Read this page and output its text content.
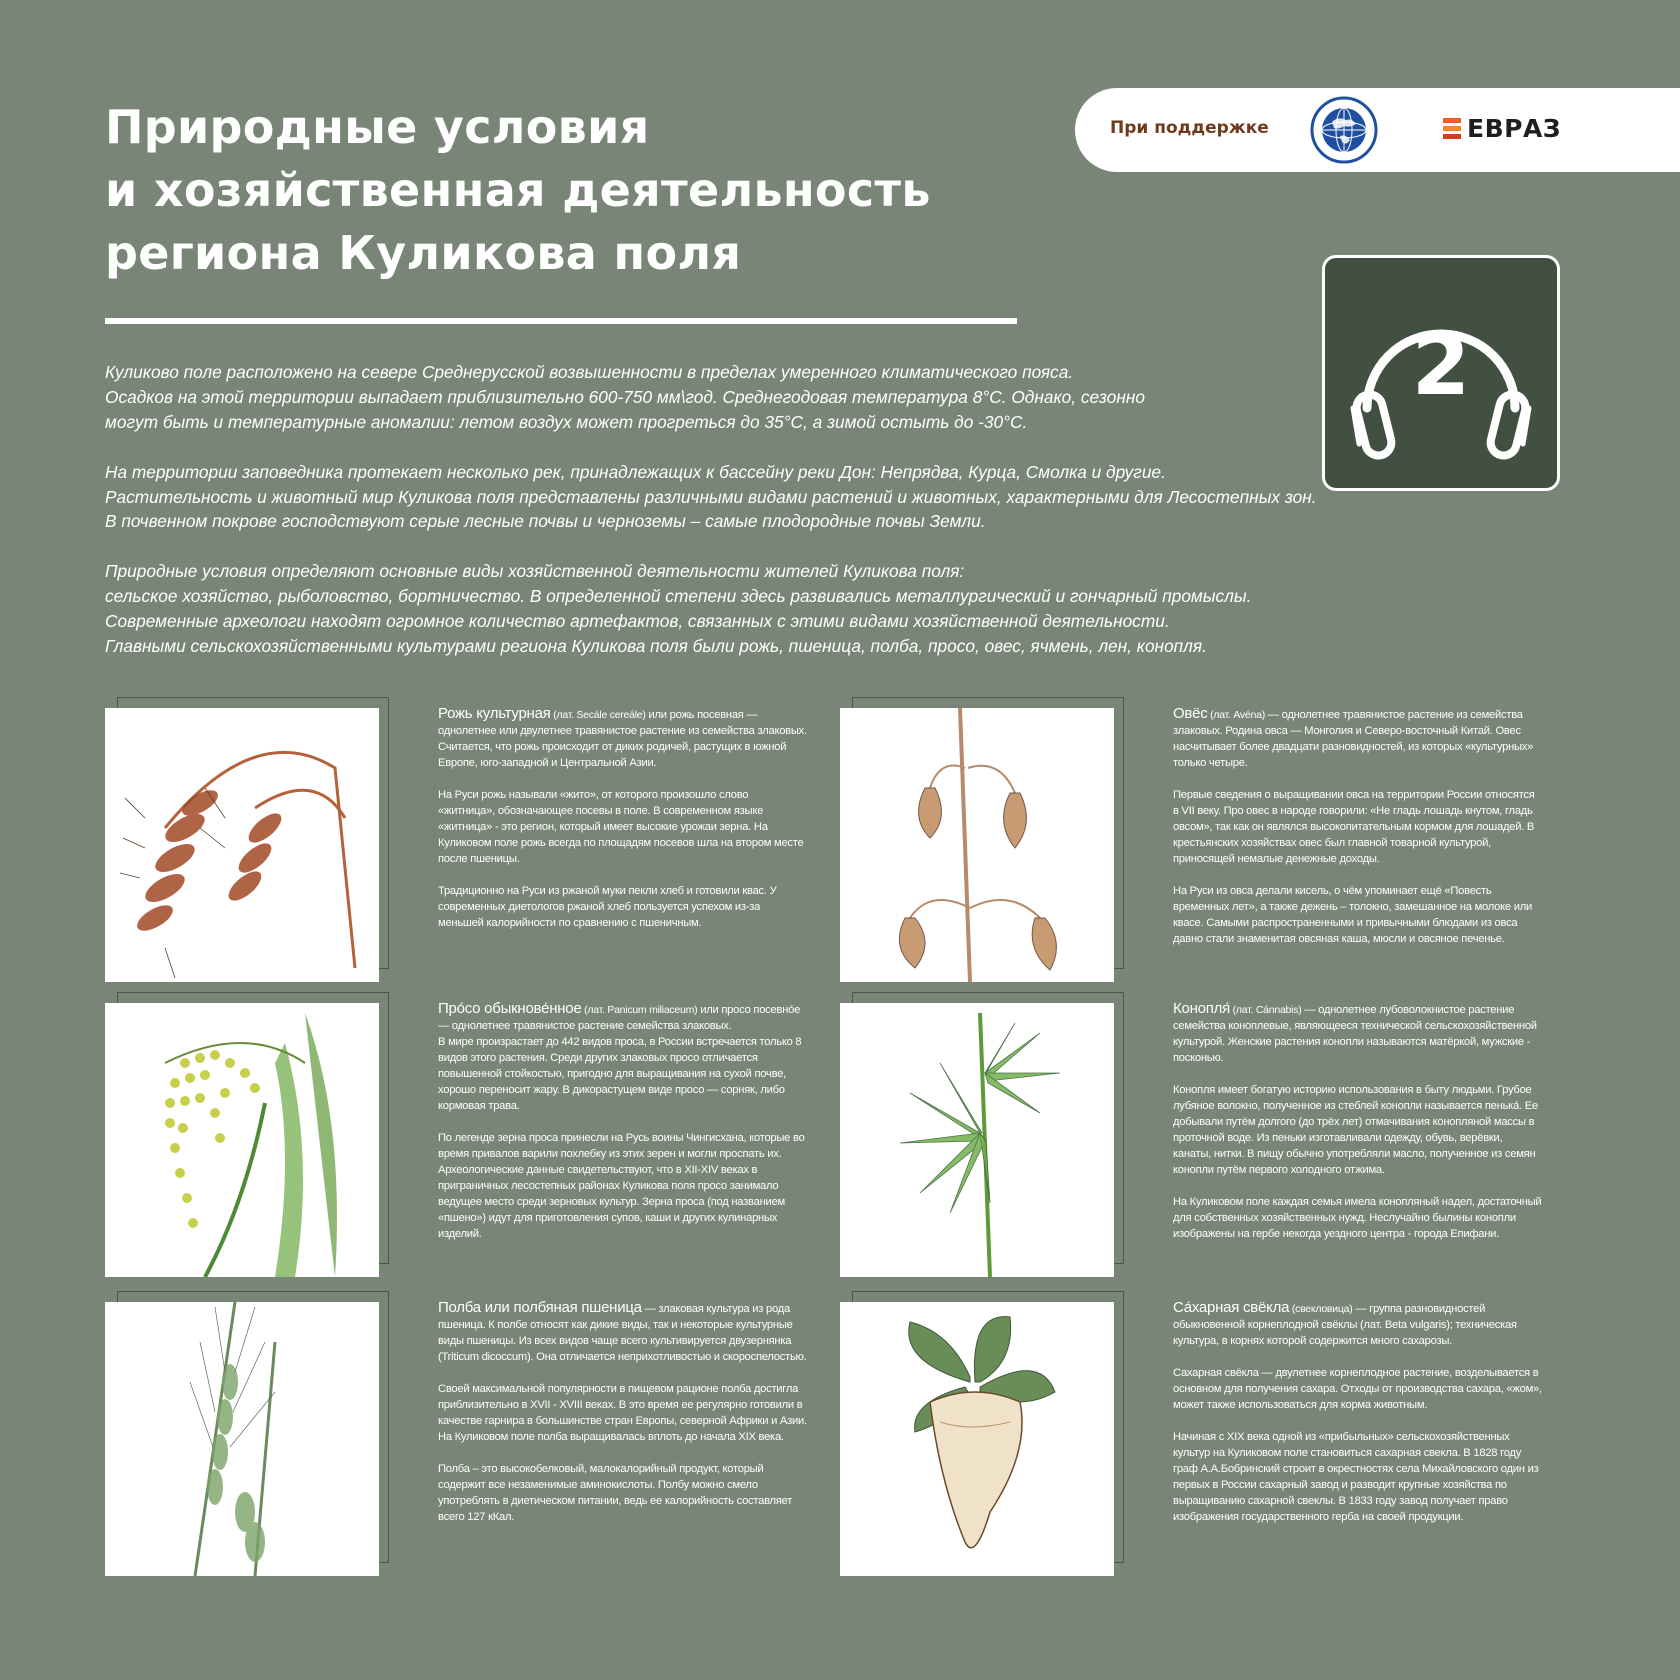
Природные условия
и хозяйственная деятельность
региона Куликова поля
При поддержке	ЕВРАЗ
2

Куликово поле расположено на севере Среднерусской возвышенности в пределах умеренного климатического пояса.
Осадков на этой территории выпадает приблизительно 600-750 мм\год. Среднегодовая температура 8°С. Однако, сезонно
могут быть и температурные аномалии: летом воздух может прогреться до 35°С, а зимой остыть до -30°С.

На территории заповедника протекает несколько рек, принадлежащих к бассейну реки Дон: Непрядва, Курца, Смолка и другие.
Растительность и животный мир Куликова поля представлены различными видами растений и животных, характерными для Лесостепных зон.
В почвенном покрове господствуют серые лесные почвы и черноземы – самые плодородные почвы Земли.

Природные условия определяют основные виды хозяйственной деятельности жителей Куликова поля:
сельское хозяйство, рыболовство, бортничество. В определенной степени здесь развивались металлургический и гончарный промыслы.
Современные археологи находят огромное количество артефактов, связанных с этими видами хозяйственной деятельности.
Главными сельскохозяйственными культурами региона Куликова поля были рожь, пшеница, полба, просо, овес, ячмень, лен, конопля.

Рожь культурная (лат. Secále cereále) или рожь посевная — однолетнее или двулетнее травянистое растение из семейства злаковых. Считается, что рожь происходит от диких родичей, растущих в южной Европе, юго-западной и Центральной Азии.

На Руси рожь называли «жито», от которого произошло слово «житница», обозначающее посевы в поле. В современном языке «житница» - это регион, который имеет высокие урожаи зерна. На Куликовом поле рожь всегда по площадям посевов шла на втором месте после пшеницы.

Традиционно на Руси из ржаной муки пекли хлеб и готовили квас. У современных диетологов ржаной хлеб пользуется успехом из-за меньшей калорийности по сравнению с пшеничным.

Про́со обыкнове́нное (лат. Panicum miliaceum) или просо посевно́е — однолетнее травянистое растение семейства злаковых.

В мире произрастает до 442 видов проса, в России встречается только 8 видов этого растения. Среди других злаковых просо отличается повышенной стойкостью, пригодно для выращивания на сухой почве, хорошо переносит жару. В дикорастущем виде просо — сорняк, либо кормовая трава.

По легенде зерна проса принесли на Русь воины Чингисхана, которые во время привалов варили похлебку из этих зерен и могли проспать их. Археологические данные свидетельствуют, что в XII-XIV веках в приграничных лесостепных районах Куликова поля просо занимало ведущее место среди зерновых культур. Зерна проса (под названием «пшено») идут для приготовления супов, каши и других кулинарных изделий.

Полба или полбяная пшеница — злаковая культура из рода пшеница. К полбе относят как дикие виды, так и некоторые культурные виды пшеницы. Из всех видов чаще всего культивируется двузернянка (Triticum dicoccum). Она отличается неприхотливостью и скороспелостью.

Своей максимальной популярности в пищевом рационе полба достигла приблизительно в XVII - XVIII веках. В это время ее регулярно готовили в качестве гарнира в большинстве стран Европы, северной Африки и Азии. На Куликовом поле полба выращивалась вплоть до начала XIX века.

Полба – это высокобелковый, малокалорийный продукт, который содержит все незаменимые аминокислоты. Полбу можно смело употреблять в диетическом питании, ведь ее калорийность составляет всего 127 кКал.

Овёс (лат. Avéna) — однолетнее травянистое растение из семейства злаковых. Родина овса — Монголия и Северо-восточный Китай. Овес насчитывает более двадцати разновидностей, из которых «культурных» только четыре.

Первые сведения о выращивании овса на территории России относятся в VII веку. Про овес в народе говорили: «Не гладь лошадь кнутом, гладь овсом», так как он являлся высокопитательным кормом для лошадей. В крестьянских хозяйствах овес был главной товарной культурой, приносящей немалые денежные доходы.

На Руси из овса делали кисель, о чём упоминает ещё «Повесть временных лет», а также дежень – толокно, замешанное на молоке или квасе. Самыми распространенными и привычными блюдами из овса давно стали знаменитая овсяная каша, мюсли и овсяное печенье.

Конопля́ (лат. Cánnabis) — однолетнее лубоволокнистое растение семейства коноплевые, являющееся технической сельскохозяйственной культурой. Женские растения конопли называются матёркой, мужские - посконью.

Конопля имеет богатую историю использования в быту людьми. Грубое лубяное волокно, полученное из стеблей конопли называется пенька́. Ее добывали путём долгого (до трёх лет) отмачивания конопляной массы в проточной воде. Из пеньки изготавливали одежду, обувь, верёвки, канаты, нитки. В пищу обычно употребляли масло, полученное из семян конопли путём первого холодного отжима.

На Куликовом поле каждая семья имела конопляный надел, достаточный для собственных хозяйственных нужд. Неслучайно былины конопли изображены на гербе некогда уездного центра - города Епифани.

Са́харная свёкла (свекловица) — группа разновидностей обыкновенной корнеплодной свёклы (лат. Beta vulgaris); техническая культура, в корнях которой содержится много сахарозы.

Сахарная свёкла — двулетнее корнеплодное растение, возделывается в основном для получения сахара. Отходы от производства сахара, «жом», может также использоваться для корма животным.

Начиная с XIX века одной из «прибыльных» сельскохозяйственных культур на Куликовом поле становиться сахарная свекла. В 1828 году граф А.А.Бобринский строит в окрестностях села Михайловского один из первых в России сахарный завод и разводит крупные хозяйства по выращиванию сахарной свеклы. В 1833 году завод получает право изображения государственного герба на своей продукции.
